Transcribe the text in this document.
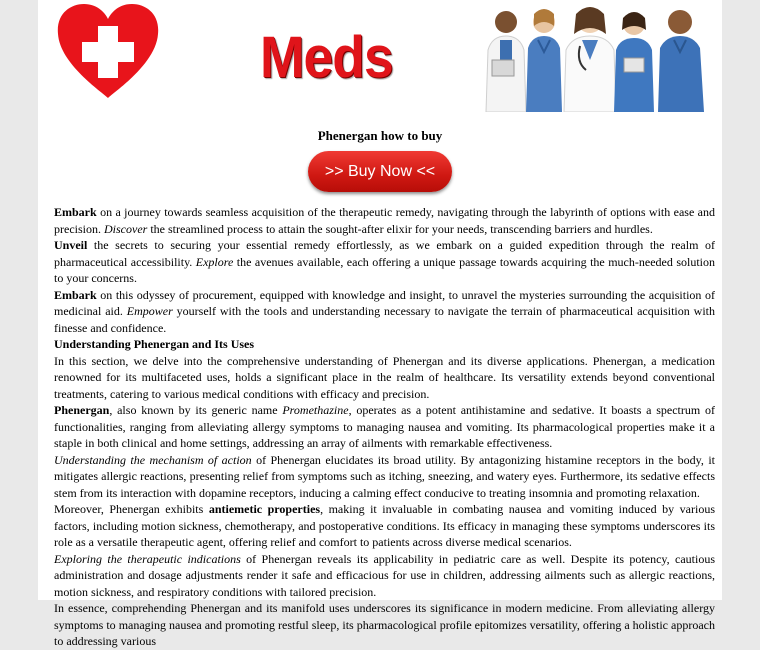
Meds
Phenergan how to buy
>> Buy Now <<

Embark on a journey towards seamless acquisition of the therapeutic remedy, navigating through the labyrinth of options with ease and precision. Discover the streamlined process to attain the sought-after elixir for your needs, transcending barriers and hurdles.

Unveil the secrets to securing your essential remedy effortlessly, as we embark on a guided expedition through the realm of pharmaceutical accessibility. Explore the avenues available, each offering a unique passage towards acquiring the much-needed solution to your concerns.

Embark on this odyssey of procurement, equipped with knowledge and insight, to unravel the mysteries surrounding the acquisition of medicinal aid. Empower yourself with the tools and understanding necessary to navigate the terrain of pharmaceutical acquisition with finesse and confidence.

Understanding Phenergan and Its Uses

In this section, we delve into the comprehensive understanding of Phenergan and its diverse applications. Phenergan, a medication renowned for its multifaceted uses, holds a significant place in the realm of healthcare. Its versatility extends beyond conventional treatments, catering to various medical conditions with efficacy and precision.

Phenergan, also known by its generic name Promethazine, operates as a potent antihistamine and sedative. It boasts a spectrum of functionalities, ranging from alleviating allergy symptoms to managing nausea and vomiting. Its pharmacological properties make it a staple in both clinical and home settings, addressing an array of ailments with remarkable effectiveness.

Understanding the mechanism of action of Phenergan elucidates its broad utility. By antagonizing histamine receptors in the body, it mitigates allergic reactions, presenting relief from symptoms such as itching, sneezing, and watery eyes. Furthermore, its sedative effects stem from its interaction with dopamine receptors, inducing a calming effect conducive to treating insomnia and promoting relaxation.

Moreover, Phenergan exhibits antiemetic properties, making it invaluable in combating nausea and vomiting induced by various factors, including motion sickness, chemotherapy, and postoperative conditions. Its efficacy in managing these symptoms underscores its role as a versatile therapeutic agent, offering relief and comfort to patients across diverse medical scenarios.

Exploring the therapeutic indications of Phenergan reveals its applicability in pediatric care as well. Despite its potency, cautious administration and dosage adjustments render it safe and efficacious for use in children, addressing ailments such as allergic reactions, motion sickness, and respiratory conditions with tailored precision.

In essence, comprehending Phenergan and its manifold uses underscores its significance in modern medicine. From alleviating allergy symptoms to managing nausea and promoting restful sleep, its pharmacological profile epitomizes versatility, offering a holistic approach to addressing various
